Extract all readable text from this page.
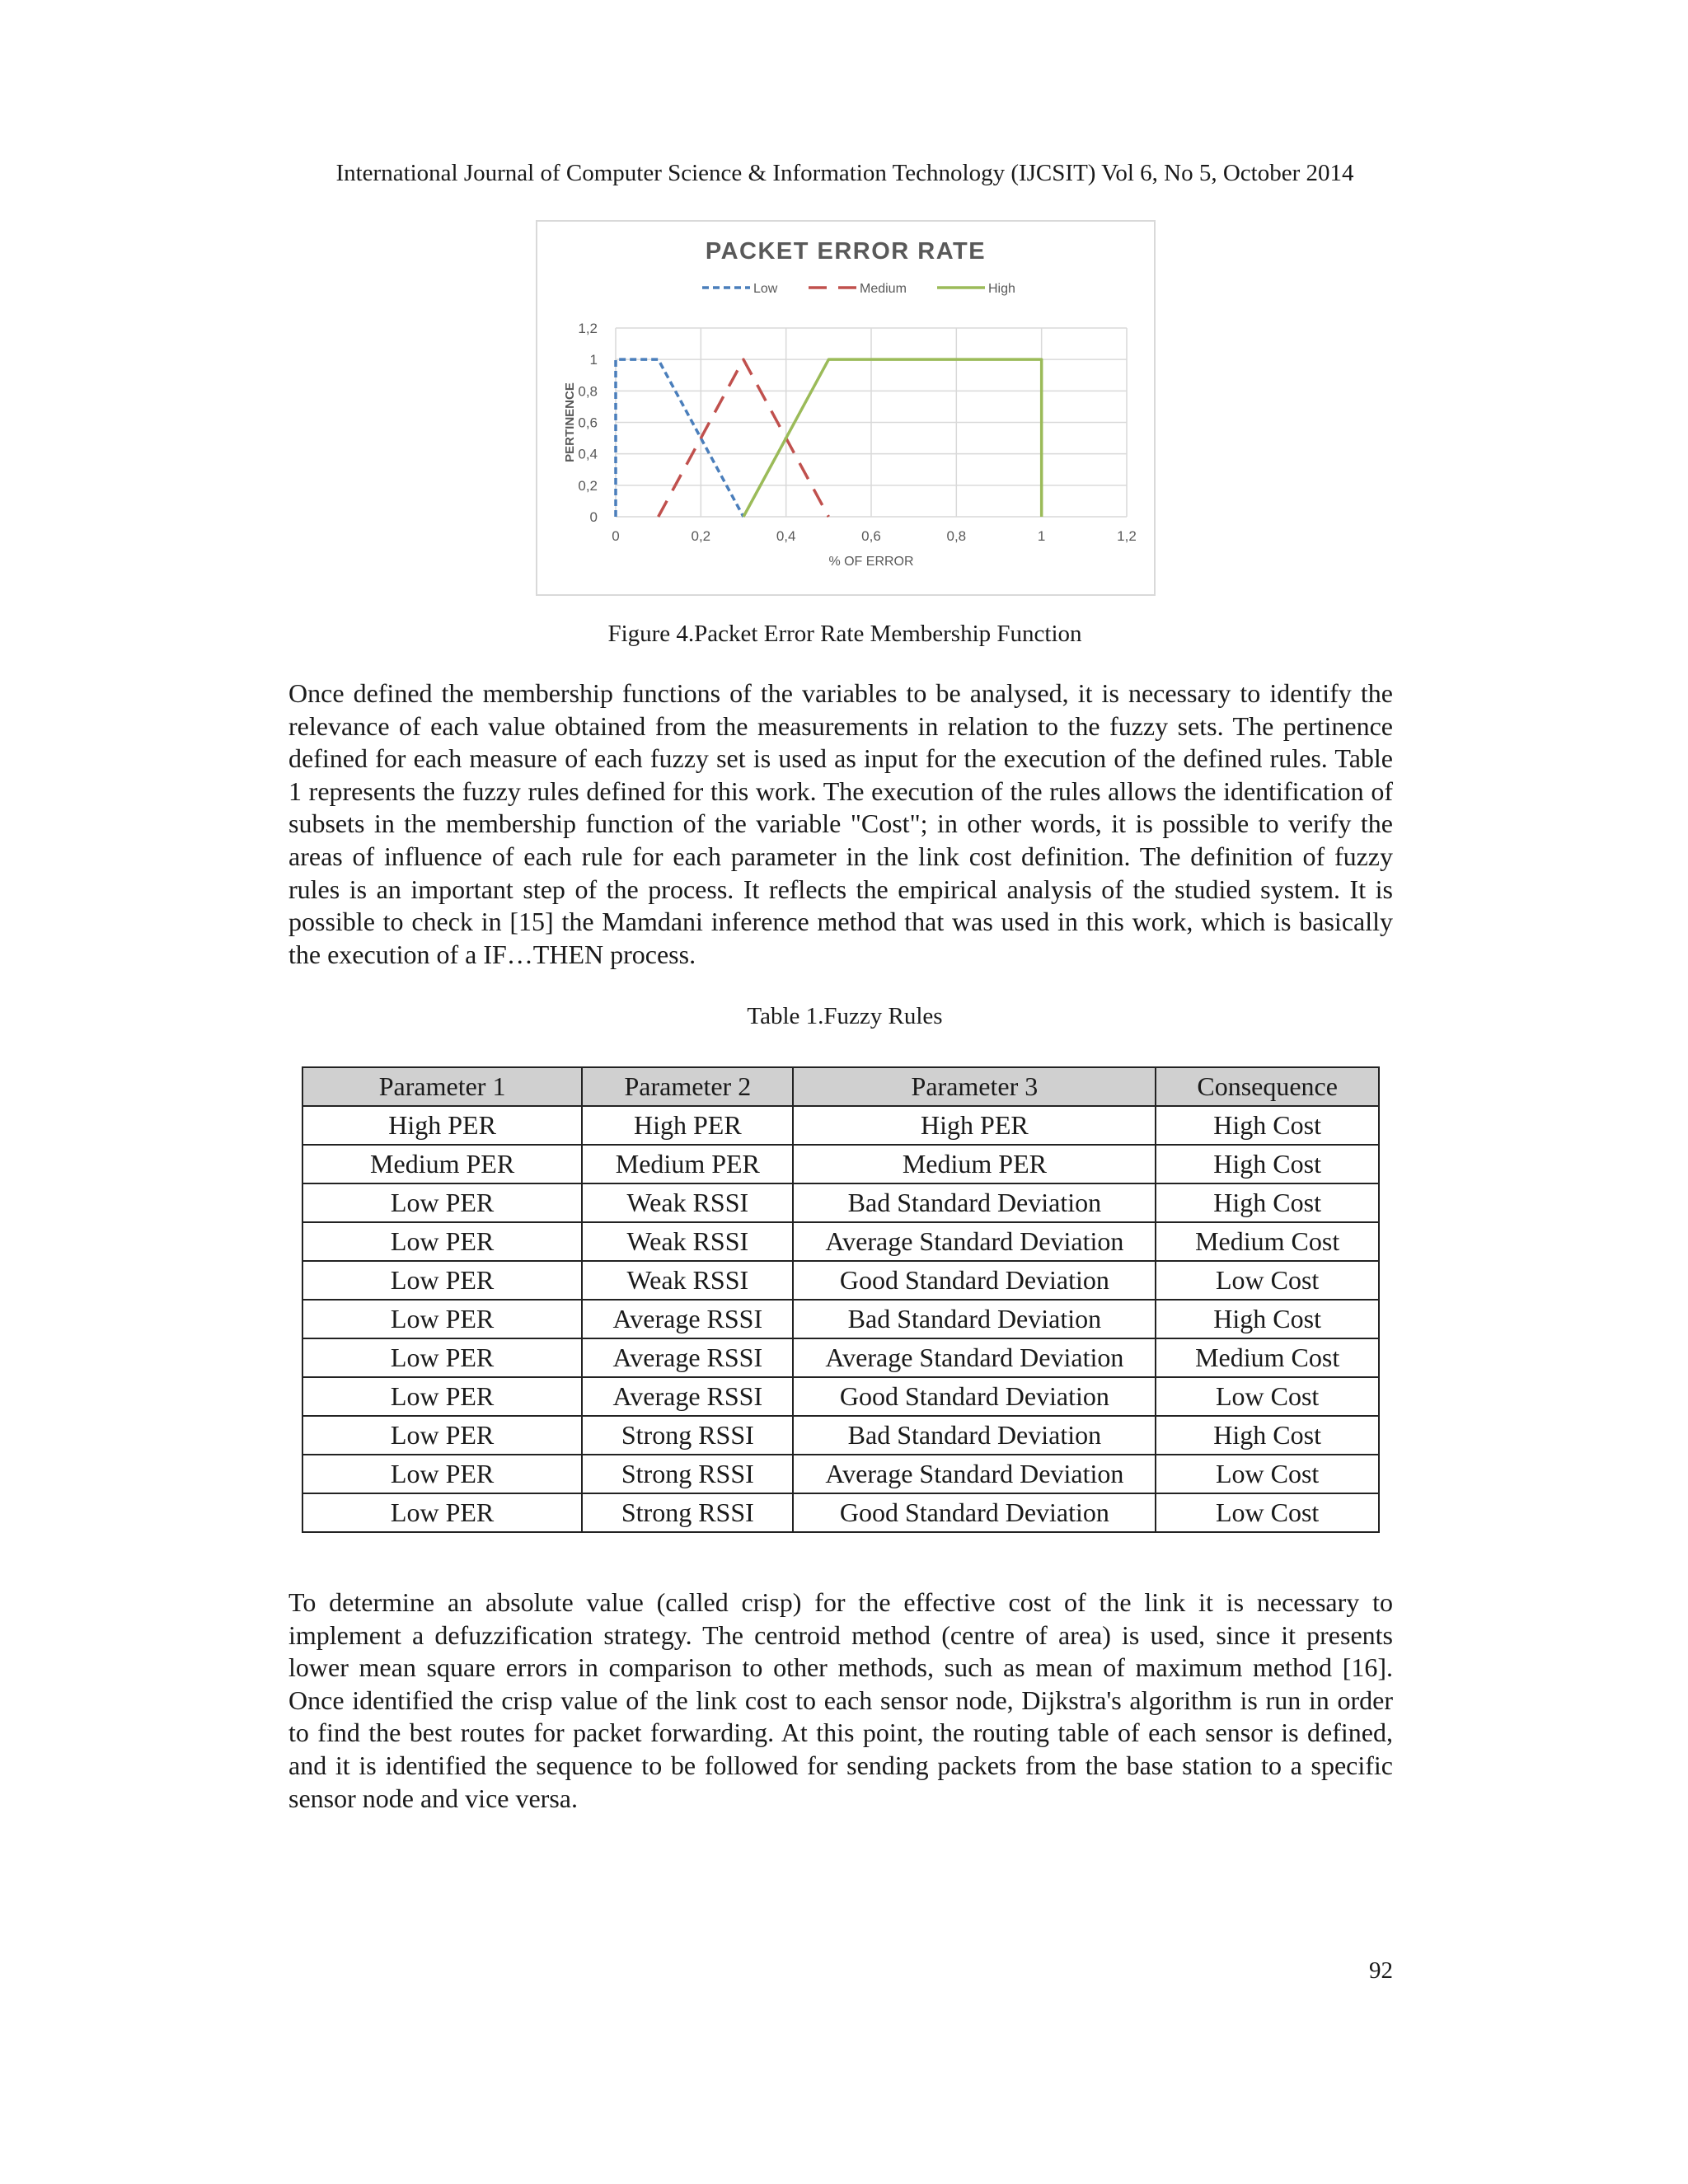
International Journal of Computer Science & Information Technology (IJCSIT) Vol 6, No 5, October 2014
0	0,2	0,4	0,6	0,8	1	1,2
0
0,2
0,4
0,6
0,8
1
1,2
PACKET ERROR RATE
% OF ERROR
PERTINENCE
Low	Medium	High
Figure 4.Packet Error Rate Membership Function

Once defined the membership functions of the variables to be analysed, it is necessary to identify the relevance of each value obtained from the measurements in relation to the fuzzy sets. The pertinence defined for each measure of each fuzzy set is used as input for the execution of the defined rules. Table 1 represents the fuzzy rules defined for this work. The execution of the rules allows the identification of subsets in the membership function of the variable "Cost"; in other words, it is possible to verify the areas of influence of each rule for each parameter in the link cost definition. The definition of fuzzy rules is an important step of the process. It reflects the empirical analysis of the studied system. It is possible to check in [15] the Mamdani inference method that was used in this work, which is basically the execution of a IF…THEN process.

Table 1.Fuzzy Rules
Parameter 1	Parameter 2	Parameter 3	Consequence
High PER	High PER	High PER	High Cost
Medium PER	Medium PER	Medium PER	High Cost
Low PER	Weak RSSI	Bad Standard Deviation	High Cost
Low PER	Weak RSSI	Average Standard Deviation	Medium Cost
Low PER	Weak RSSI	Good Standard Deviation	Low Cost
Low PER	Average RSSI	Bad Standard Deviation	High Cost
Low PER	Average RSSI	Average Standard Deviation	Medium Cost
Low PER	Average RSSI	Good Standard Deviation	Low Cost
Low PER	Strong RSSI	Bad Standard Deviation	High Cost
Low PER	Strong RSSI	Average Standard Deviation	Low Cost
Low PER	Strong RSSI	Good Standard Deviation	Low Cost

To determine an absolute value (called crisp) for the effective cost of the link it is necessary to implement a defuzzification strategy. The centroid method (centre of area) is used, since it presents lower mean square errors in comparison to other methods, such as mean of maximum method [16]. Once identified the crisp value of the link cost to each sensor node, Dijkstra's algorithm is run in order to find the best routes for packet forwarding. At this point, the routing table of each sensor is defined, and it is identified the sequence to be followed for sending packets from the base station to a specific sensor node and vice versa.

92
